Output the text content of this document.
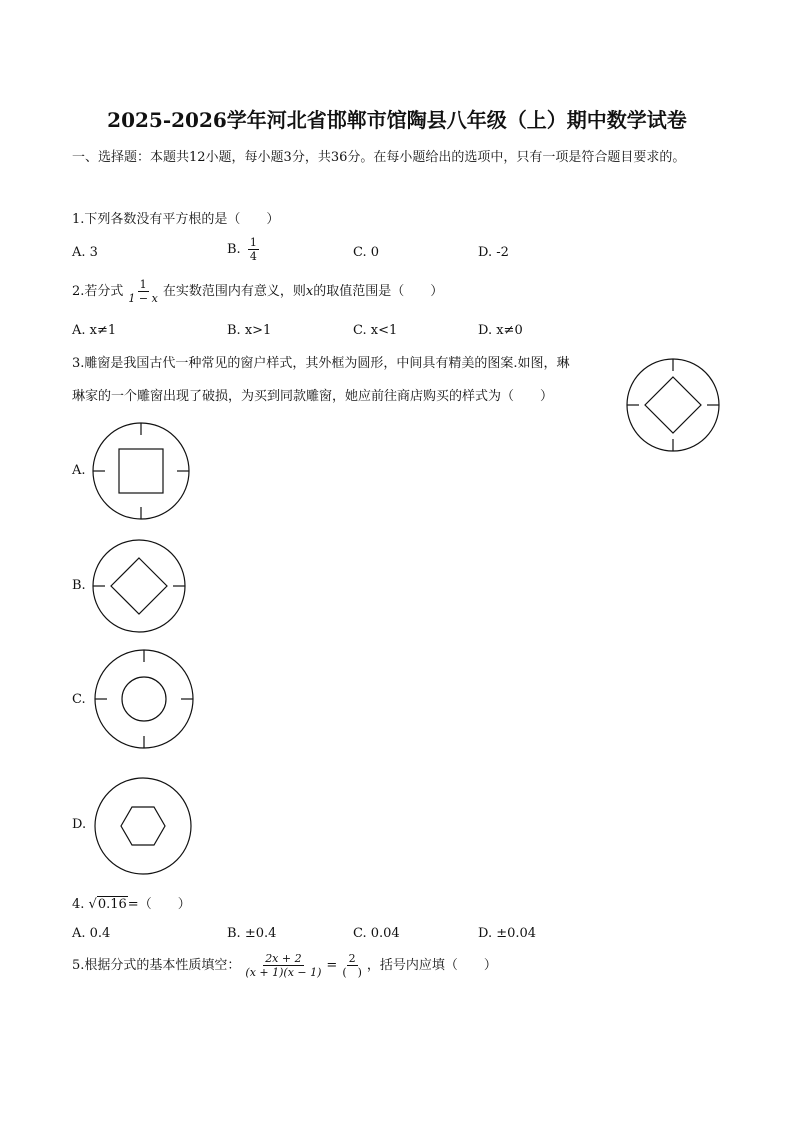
2025-2026学年河北省邯郸市馆陶县八年级（上）期中数学试卷
一、选择题：本题共12小题，每小题3分，共36分。在每小题给出的选项中，只有一项是符合题目要求的。
1.下列各数没有平方根的是（　　）
A. 3	B. $\frac{1}{4}$	C. 0	D. -2
2.若分式 $\frac{1}{1 - x}$ 在实数范围内有意义，则x的取值范围是（　　）
A. x≠1	B. x>1	C. x<1	D. x≠0
3.雕窗是我国古代一种常见的窗户样式，其外框为圆形，中间具有精美的图案.如图，琳
琳家的一个雕窗出现了破损，为买到同款雕窗，她应前往商店购买的样式为（　　）
A.
B.
C.
D.
4. √0.16=（　　）
A. 0.4	B. ±0.4	C. 0.04	D. ±0.04
5.根据分式的基本性质填空： $\frac{2x + 2}{(x + 1)(x - 1)} = \frac{2}{( )}$ ，括号内应填（　　）
